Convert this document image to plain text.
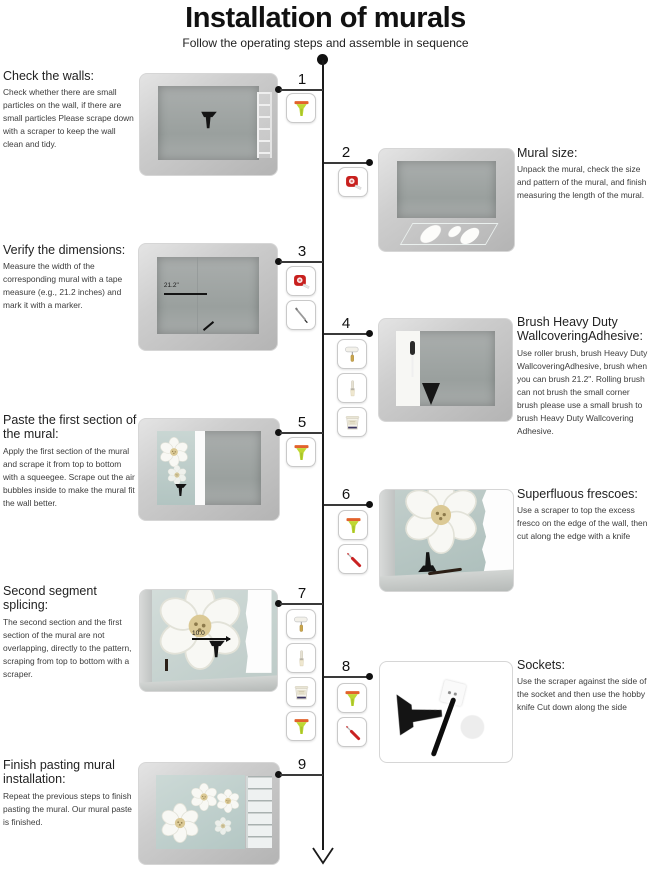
Installation of murals
Follow the operating steps and assemble in sequence
Check the walls:
Check whether there are small particles on the wall, if there are small particles Please scrape down with a scraper to keep the wall clean and tidy.
1
2	Mural size:
Unpack the mural, check the size and pattern of the mural, and finish measuring the length of the mural.
Verify the dimensions:
Measure the width of the corresponding mural with a tape measure (e.g., 21.2 inches) and mark it with a marker.
21.2"
3
4	Brush Heavy Duty WallcoveringAdhesive:
Use roller brush, brush Heavy Duty WallcoveringAdhesive, brush when you can brush 21.2". Rolling brush can not brush the small corner brush please use a small brush to brush Heavy Duty Wallcovering Adhesive.
Paste the first section of the mural:
Apply the first section of the mural and scrape it from top to bottom with a squeegee. Scrape out the air bubbles inside to make the mural fit the wall better.
5
6	Superfluous frescoes:
Use a scraper to top the excess fresco on the edge of the wall, then cut along the edge with a knife
Second segment splicing:
The second section and the first section of the mural are not overlapping, directly to the pattern, scraping from top to bottom with a scraper.
10.0
7
8	Sockets:
Use the scraper against the side of the socket and then use the hobby knife Cut down along the side
Finish pasting mural installation:
Repeat the previous steps to finish pasting the mural. Our mural paste is finished.
9
